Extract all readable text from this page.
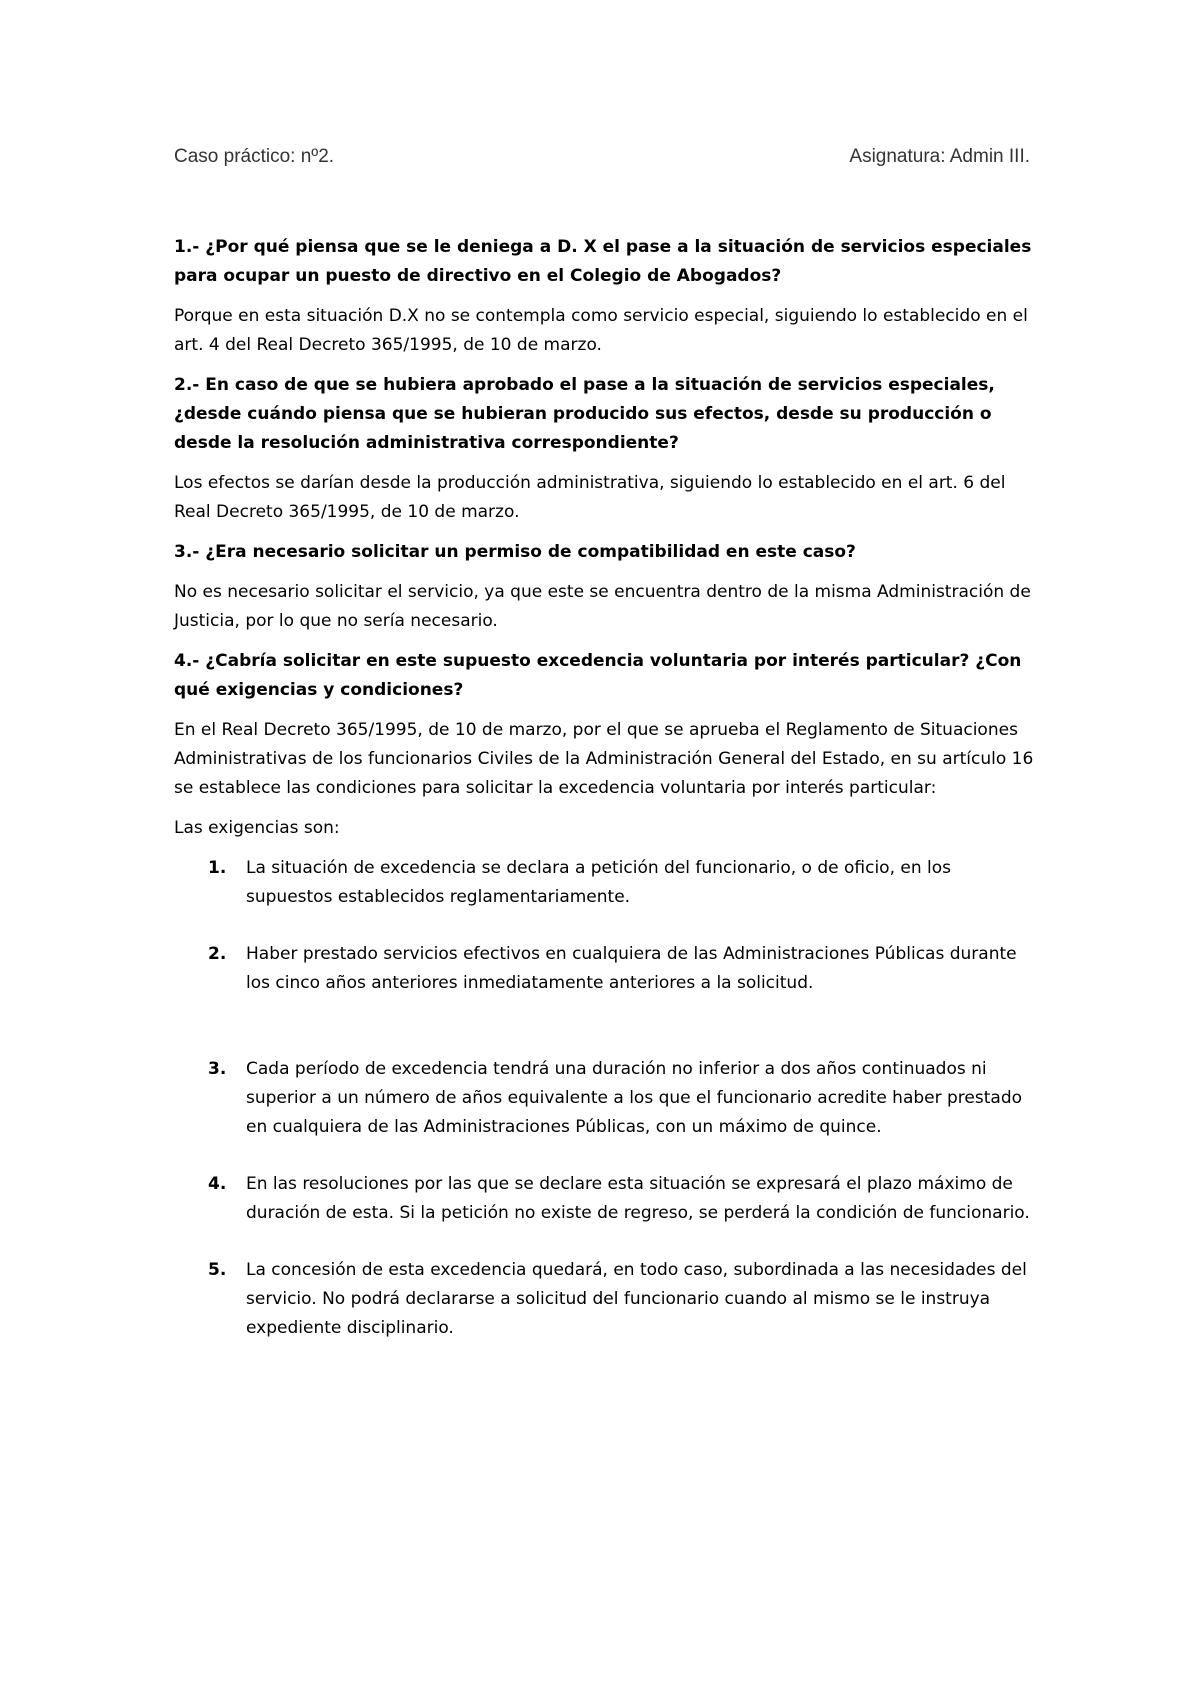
Caso práctico: nº2.	Asignatura: Admin III.

1.- ¿Por qué piensa que se le deniega a D. X el pase a la situación de servicios especiales para ocupar un puesto de directivo en el Colegio de Abogados?

Porque en esta situación D.X no se contempla como servicio especial, siguiendo lo establecido en el art. 4 del Real Decreto 365/1995, de 10 de marzo.

2.- En caso de que se hubiera aprobado el pase a la situación de servicios especiales, ¿desde cuándo piensa que se hubieran producido sus efectos, desde su producción o desde la resolución administrativa correspondiente?

Los efectos se darían desde la producción administrativa, siguiendo lo establecido en el art. 6 del Real Decreto 365/1995, de 10 de marzo.

3.- ¿Era necesario solicitar un permiso de compatibilidad en este caso?

No es necesario solicitar el servicio, ya que este se encuentra dentro de la misma Administración de Justicia, por lo que no sería necesario.

4.- ¿Cabría solicitar en este supuesto excedencia voluntaria por interés particular? ¿Con qué exigencias y condiciones?

En el Real Decreto 365/1995, de 10 de marzo, por el que se aprueba el Reglamento de Situaciones Administrativas de los funcionarios Civiles de la Administración General del Estado, en su artículo 16 se establece las condiciones para solicitar la excedencia voluntaria por interés particular:

Las exigencias son:

1.	La situación de excedencia se declara a petición del funcionario, o de oficio, en los supuestos establecidos reglamentariamente.
2.	Haber prestado servicios efectivos en cualquiera de las Administraciones Públicas durante los cinco años anteriores inmediatamente anteriores a la solicitud.
3.	Cada período de excedencia tendrá una duración no inferior a dos años continuados ni superior a un número de años equivalente a los que el funcionario acredite haber prestado en cualquiera de las Administraciones Públicas, con un máximo de quince.
4.	En las resoluciones por las que se declare esta situación se expresará el plazo máximo de duración de esta. Si la petición no existe de regreso, se perderá la condición de funcionario.
5.	La concesión de esta excedencia quedará, en todo caso, subordinada a las necesidades del servicio. No podrá declararse a solicitud del funcionario cuando al mismo se le instruya expediente disciplinario.
